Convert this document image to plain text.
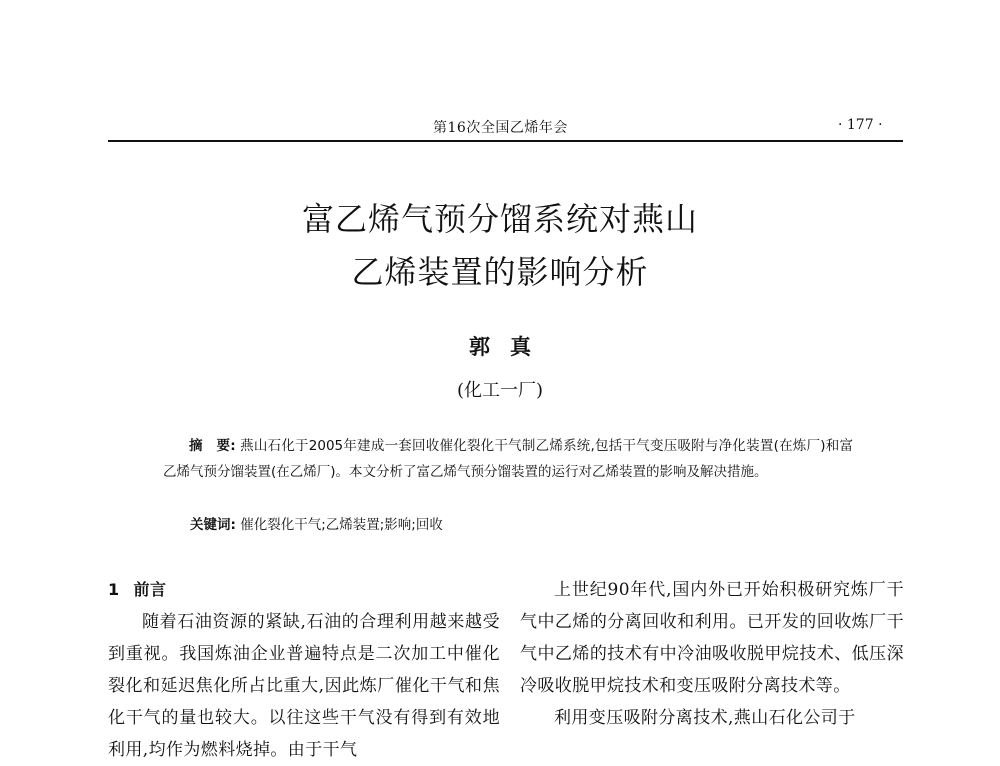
第16次全国乙烯年会	· 177 ·
富乙烯气预分馏系统对燕山
乙烯装置的影响分析
郭真
(化工一厂)
摘　要: 燕山石化于2005年建成一套回收催化裂化干气制乙烯系统,包括干气变压吸附与净化装置(在炼厂)和富乙烯气预分馏装置(在乙烯厂)。本文分析了富乙烯气预分馏装置的运行对乙烯装置的影响及解决措施。
关键词: 催化裂化干气;乙烯装置;影响;回收
1 前言

随着石油资源的紧缺,石油的合理利用越来越受到重视。我国炼油企业普遍特点是二次加工中催化裂化和延迟焦化所占比重大,因此炼厂催化干气和焦化干气的量也较大。以往这些干气没有得到有效地利用,均作为燃料烧掉。由于干气

上世纪90年代,国内外已开始积极研究炼厂干气中乙烯的分离回收和利用。已开发的回收炼厂干气中乙烯的技术有中冷油吸收脱甲烷技术、低压深冷吸收脱甲烷技术和变压吸附分离技术等。

利用变压吸附分离技术,燕山石化公司于
